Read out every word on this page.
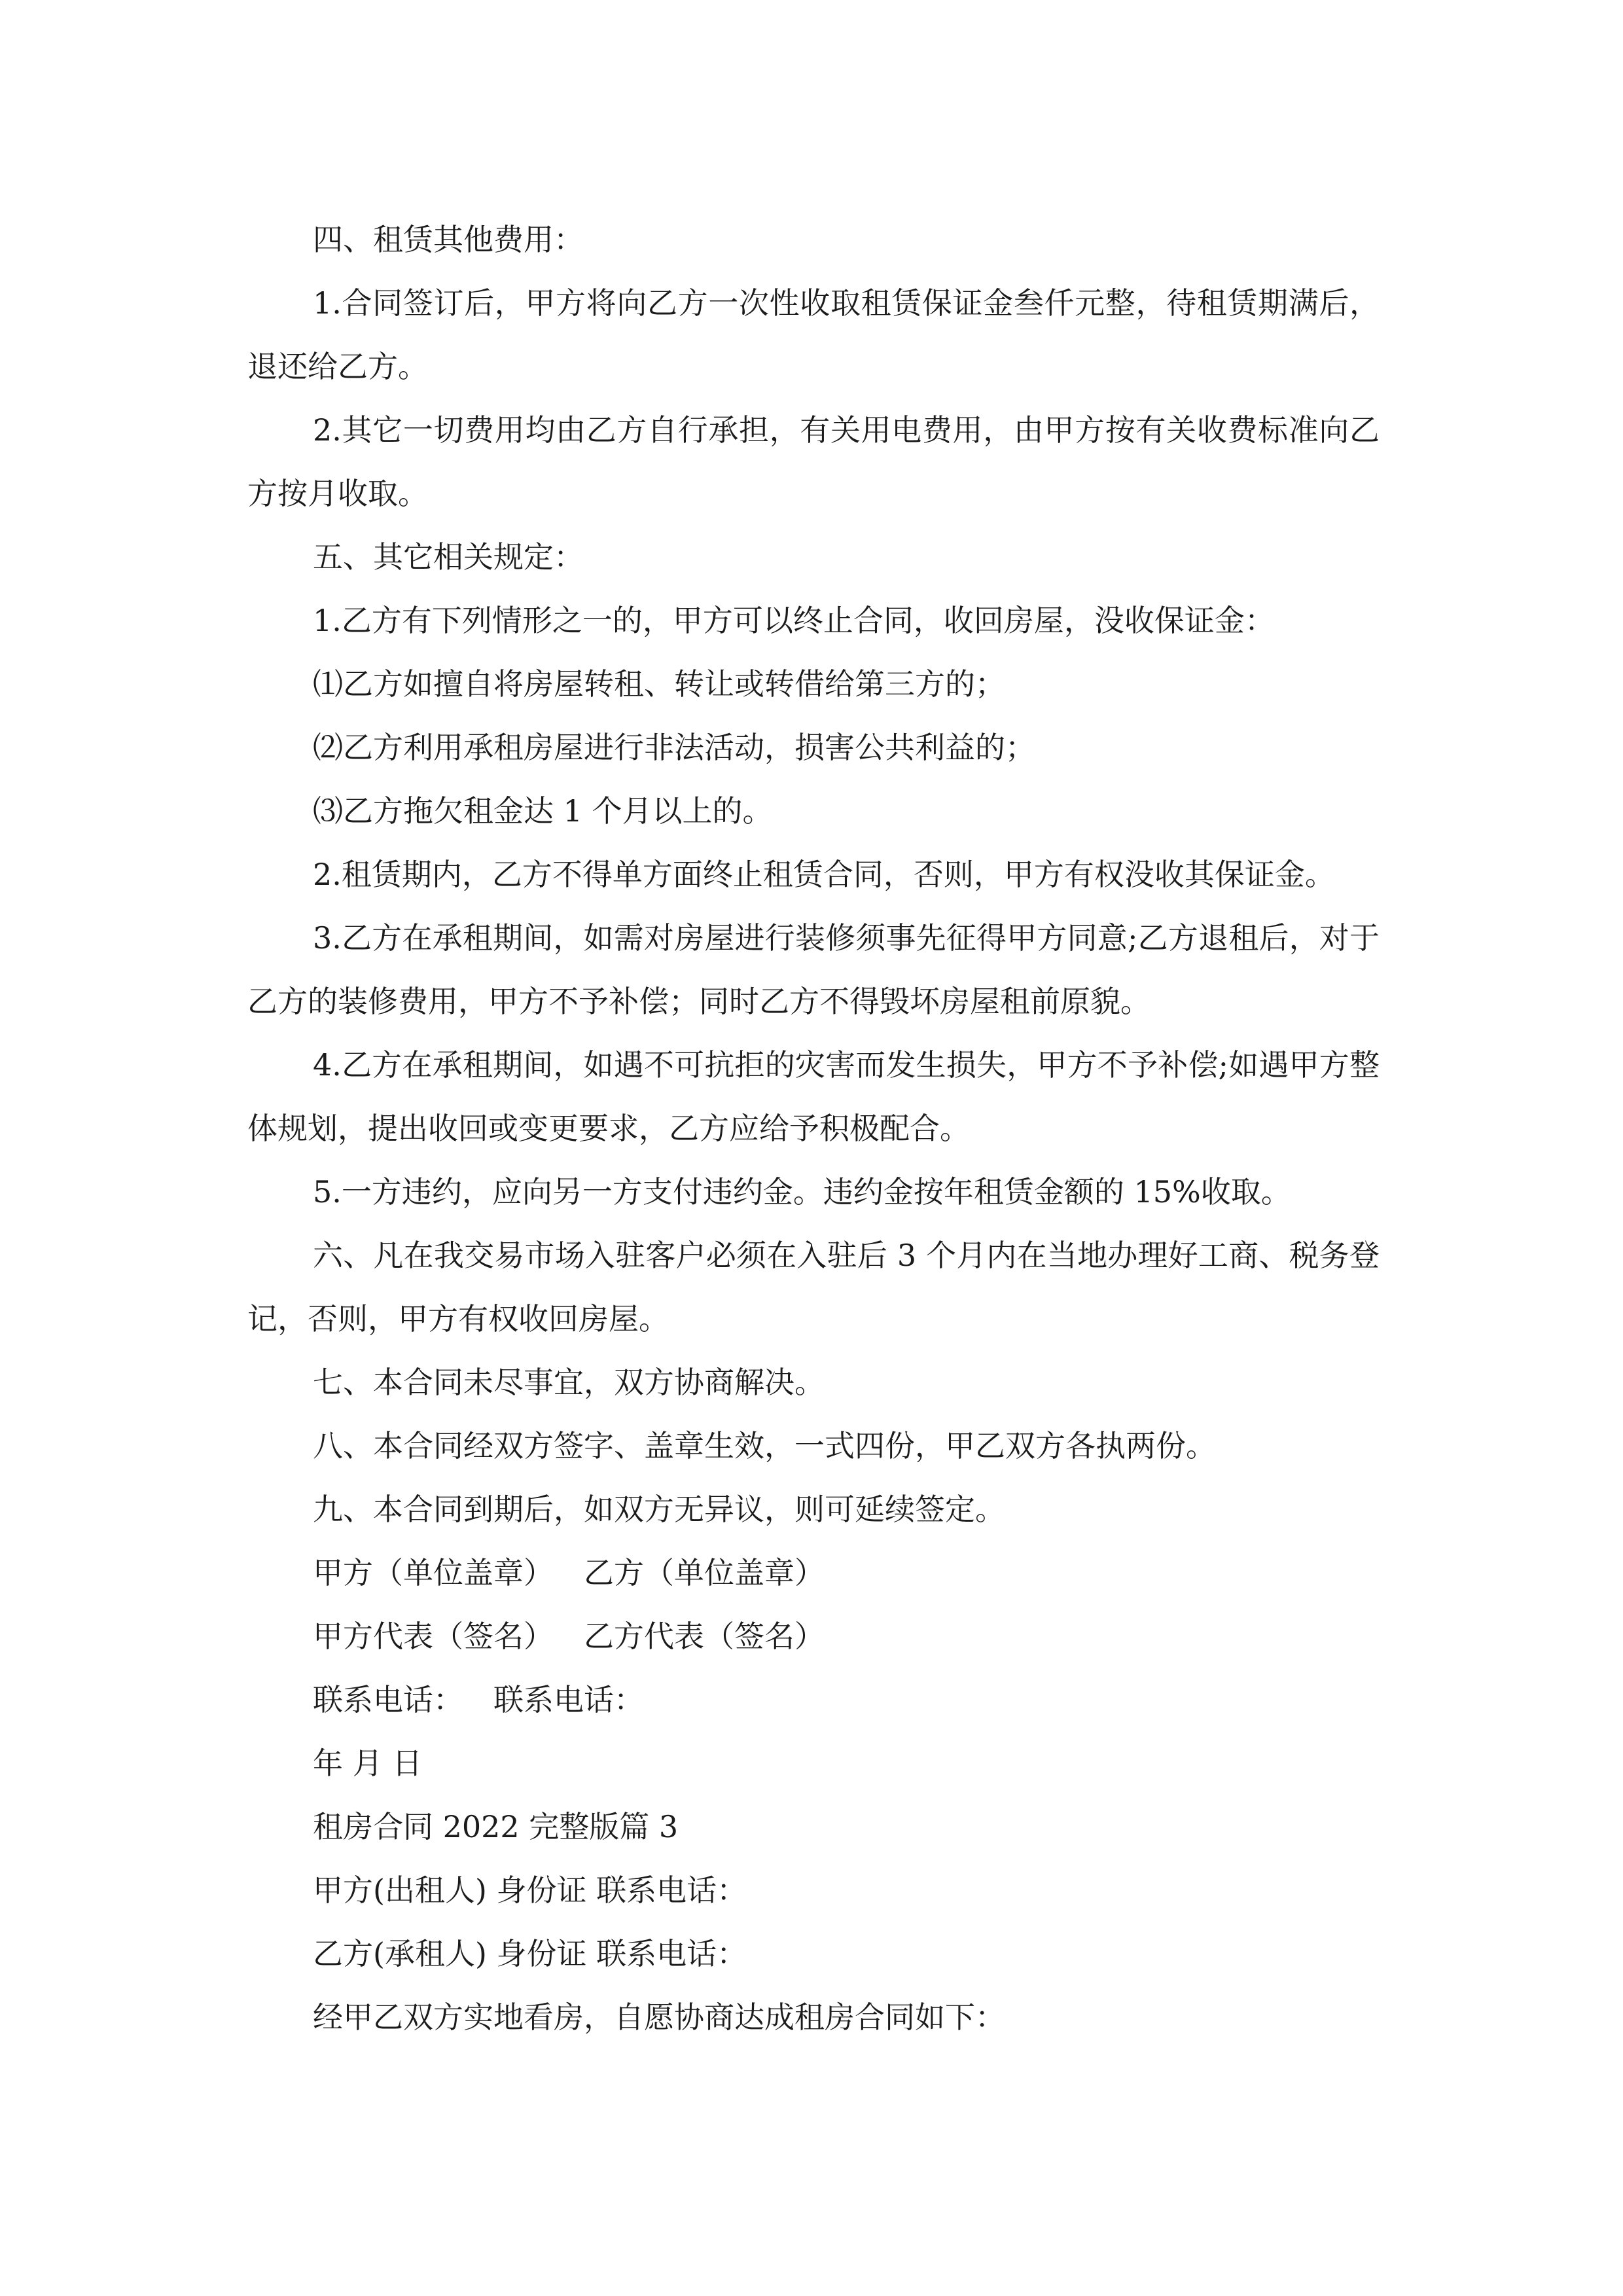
四、租赁其他费用：

1.合同签订后，甲方将向乙方一次性收取租赁保证金叁仟元整，待租赁期满后，退还给乙方。

2.其它一切费用均由乙方自行承担，有关用电费用，由甲方按有关收费标准向乙方按月收取。

五、其它相关规定：

1.乙方有下列情形之一的，甲方可以终止合同，收回房屋，没收保证金：

⑴乙方如擅自将房屋转租、转让或转借给第三方的；

⑵乙方利用承租房屋进行非法活动，损害公共利益的；

⑶乙方拖欠租金达 1 个月以上的。

2.租赁期内，乙方不得单方面终止租赁合同，否则，甲方有权没收其保证金。

3.乙方在承租期间，如需对房屋进行装修须事先征得甲方同意;乙方退租后，对于乙方的装修费用，甲方不予补偿；同时乙方不得毁坏房屋租前原貌。

4.乙方在承租期间，如遇不可抗拒的灾害而发生损失，甲方不予补偿;如遇甲方整体规划，提出收回或变更要求，乙方应给予积极配合。

5.一方违约，应向另一方支付违约金。违约金按年租赁金额的 15%收取。

六、凡在我交易市场入驻客户必须在入驻后 3 个月内在当地办理好工商、税务登记，否则，甲方有权收回房屋。

七、本合同未尽事宜，双方协商解决。

八、本合同经双方签字、盖章生效，一式四份，甲乙双方各执两份。

九、本合同到期后，如双方无异议，则可延续签定。

甲方（单位盖章） 乙方（单位盖章）

甲方代表（签名） 乙方代表（签名）

联系电话： 联系电话：

年 月 日

租房合同 2022 完整版篇 3

甲方(出租人) 身份证 联系电话：

乙方(承租人) 身份证 联系电话：

经甲乙双方实地看房，自愿协商达成租房合同如下：
